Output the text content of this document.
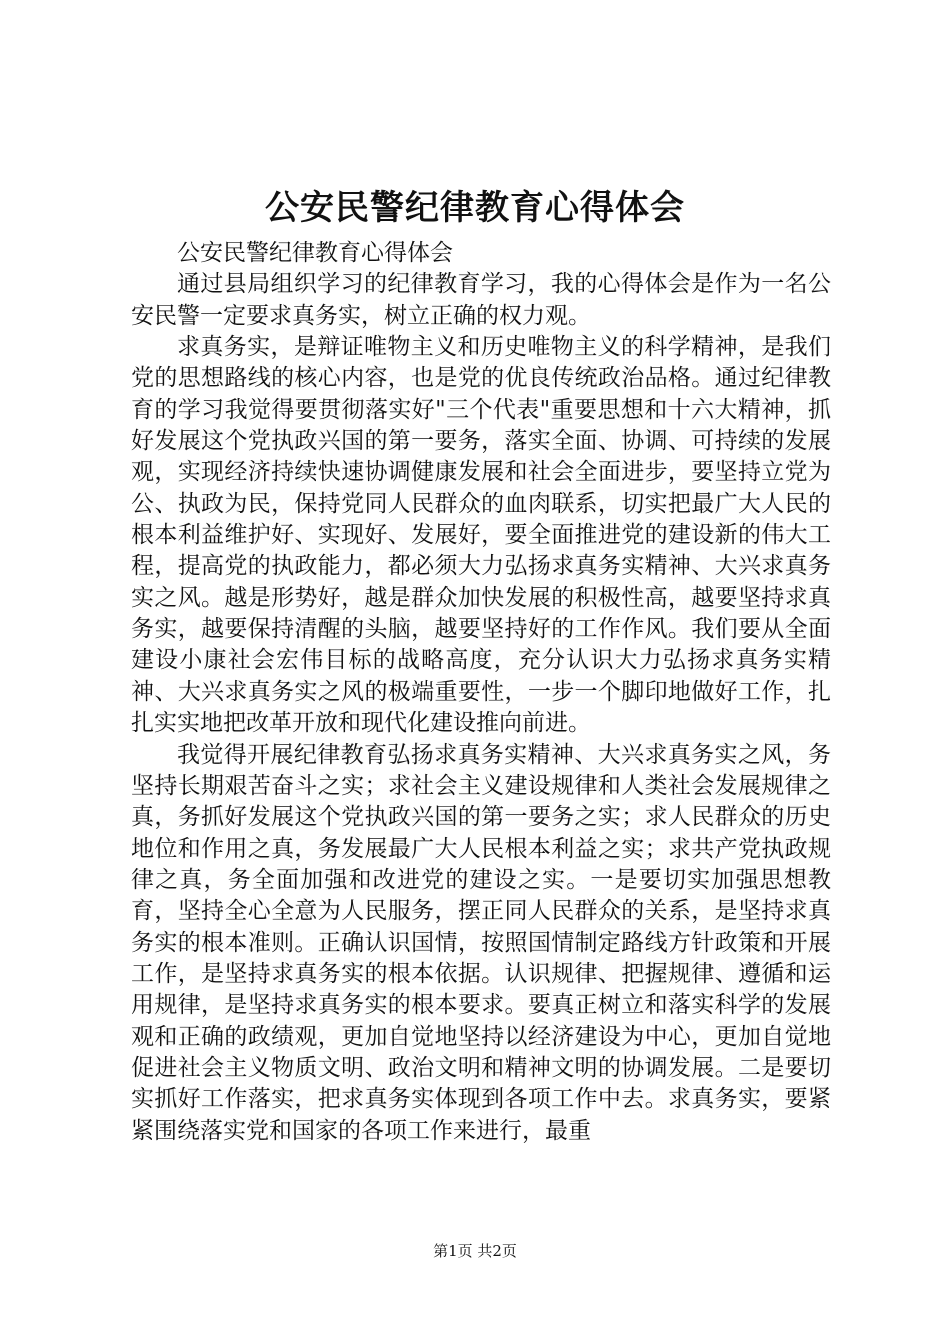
公安民警纪律教育心得体会

公安民警纪律教育心得体会

通过县局组织学习的纪律教育学习，我的心得体会是作为一名公安民警一定要求真务实，树立正确的权力观。

求真务实，是辩证唯物主义和历史唯物主义的科学精神，是我们党的思想路线的核心内容，也是党的优良传统政治品格。通过纪律教育的学习我觉得要贯彻落实好"三个代表"重要思想和十六大精神，抓好发展这个党执政兴国的第一要务，落实全面、协调、可持续的发展观，实现经济持续快速协调健康发展和社会全面进步，要坚持立党为公、执政为民，保持党同人民群众的血肉联系，切实把最广大人民的根本利益维护好、实现好、发展好，要全面推进党的建设新的伟大工程，提高党的执政能力，都必须大力弘扬求真务实精神、大兴求真务实之风。越是形势好，越是群众加快发展的积极性高，越要坚持求真务实，越要保持清醒的头脑，越要坚持好的工作作风。我们要从全面建设小康社会宏伟目标的战略高度，充分认识大力弘扬求真务实精神、大兴求真务实之风的极端重要性，一步一个脚印地做好工作，扎扎实实地把改革开放和现代化建设推向前进。

我觉得开展纪律教育弘扬求真务实精神、大兴求真务实之风，务坚持长期艰苦奋斗之实；求社会主义建设规律和人类社会发展规律之真，务抓好发展这个党执政兴国的第一要务之实；求人民群众的历史地位和作用之真，务发展最广大人民根本利益之实；求共产党执政规律之真，务全面加强和改进党的建设之实。一是要切实加强思想教育，坚持全心全意为人民服务，摆正同人民群众的关系，是坚持求真务实的根本准则。正确认识国情，按照国情制定路线方针政策和开展工作，是坚持求真务实的根本依据。认识规律、把握规律、遵循和运用规律，是坚持求真务实的根本要求。要真正树立和落实科学的发展观和正确的政绩观，更加自觉地坚持以经济建设为中心，更加自觉地促进社会主义物质文明、政治文明和精神文明的协调发展。二是要切实抓好工作落实，把求真务实体现到各项工作中去。求真务实，要紧紧围绕落实党和国家的各项工作来进行，最重

第1页 共2页
